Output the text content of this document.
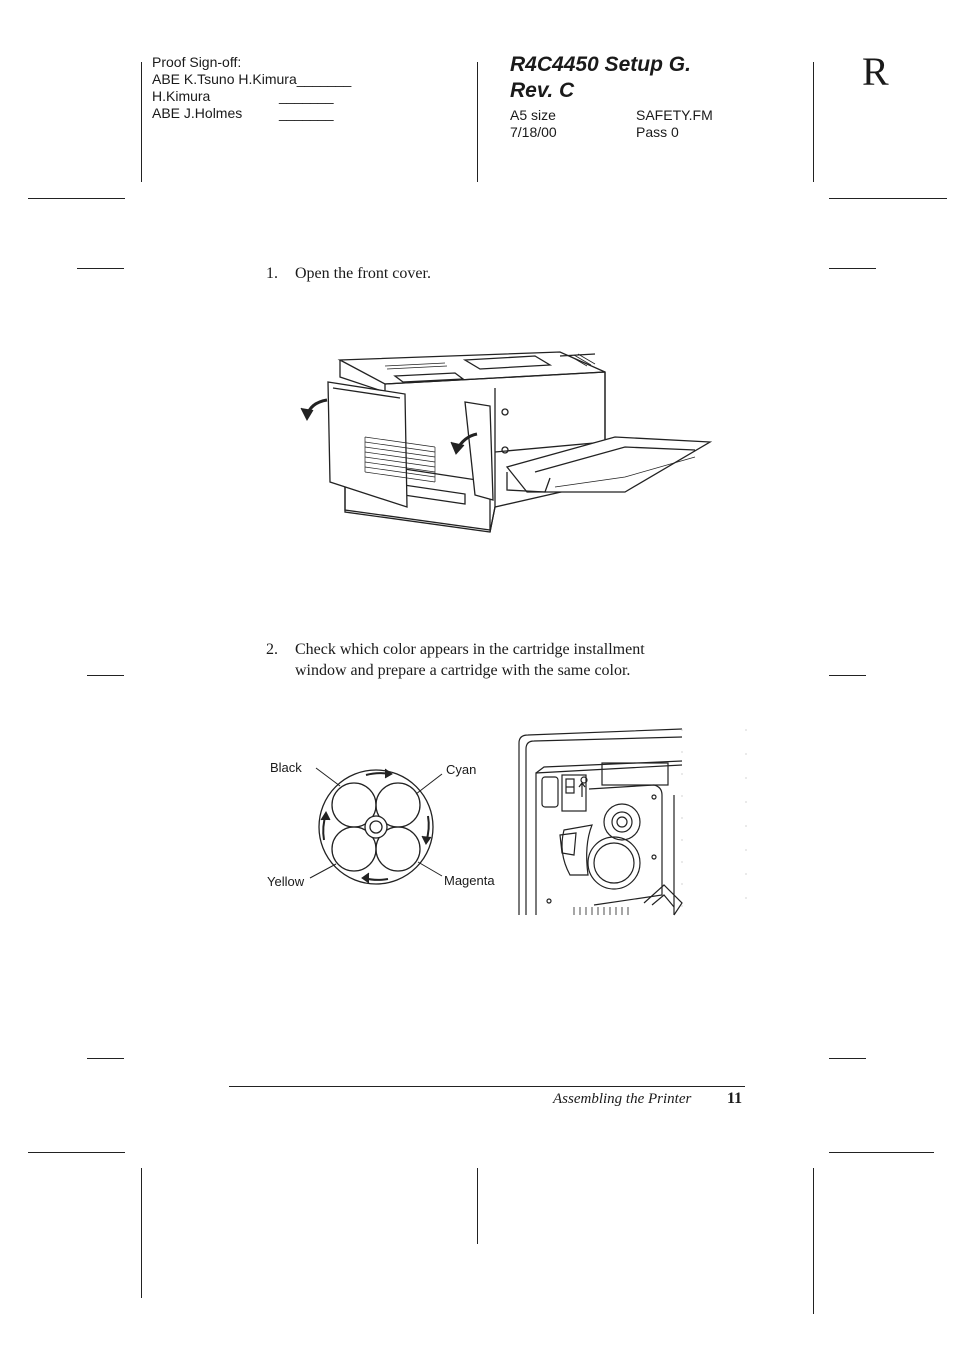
Proof Sign-off:
ABE K.Tsuno H.Kimura_______
H.Kimura	_______
ABE J.Holmes	_______
R4C4450 Setup G.
Rev. C
A5 size	SAFETY.FM
7/18/00	Pass 0
R
1. Open the front cover.
2. Check which color appears in the cartridge installment
window and prepare a cartridge with the same color.
Black	Cyan
Yellow	Magenta
Assembling the Printer 11
